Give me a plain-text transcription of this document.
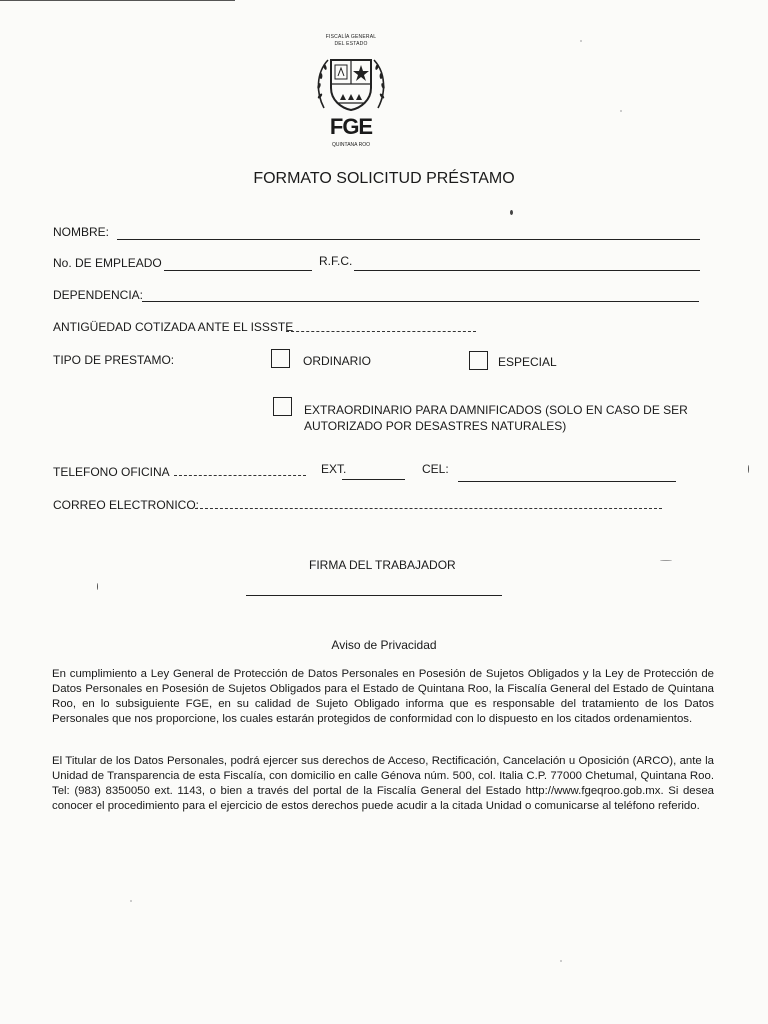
FISCALÍA GENERAL
DEL ESTADO
FGE
QUINTANA ROO
FORMATO SOLICITUD PRÉSTAMO
NOMBRE:
No. DE EMPLEADO	R.F.C.
DEPENDENCIA:
ANTIGÜEDAD COTIZADA ANTE EL ISSSTE
TIPO DE PRESTAMO:	ORDINARIO	ESPECIAL
EXTRAORDINARIO PARA DAMNIFICADOS (SOLO EN CASO DE SER
AUTORIZADO POR DESASTRES NATURALES)
TELEFONO OFICINA	EXT.	CEL:
CORREO ELECTRONICO:
FIRMA DEL TRABAJADOR
Aviso de Privacidad
En cumplimiento a Ley General de Protección de Datos Personales en Posesión de Sujetos Obligados y la Ley de Protección de Datos Personales en Posesión de Sujetos Obligados para el Estado de Quintana Roo, la Fiscalía General del Estado de Quintana Roo, en lo subsiguiente FGE, en su calidad de Sujeto Obligado informa que es responsable del tratamiento de los Datos Personales que nos proporcione, los cuales estarán protegidos de conformidad con lo dispuesto en los citados ordenamientos.
El Titular de los Datos Personales, podrá ejercer sus derechos de Acceso, Rectificación, Cancelación u Oposición (ARCO), ante la Unidad de Transparencia de esta Fiscalía, con domicilio en calle Génova núm. 500, col. Italia C.P. 77000 Chetumal, Quintana Roo. Tel: (983) 8350050 ext. 1143, o bien a través del portal de la Fiscalía General del Estado http://www.fgeqroo.gob.mx. Si desea conocer el procedimiento para el ejercicio de estos derechos puede acudir a la citada Unidad o comunicarse al teléfono referido.
